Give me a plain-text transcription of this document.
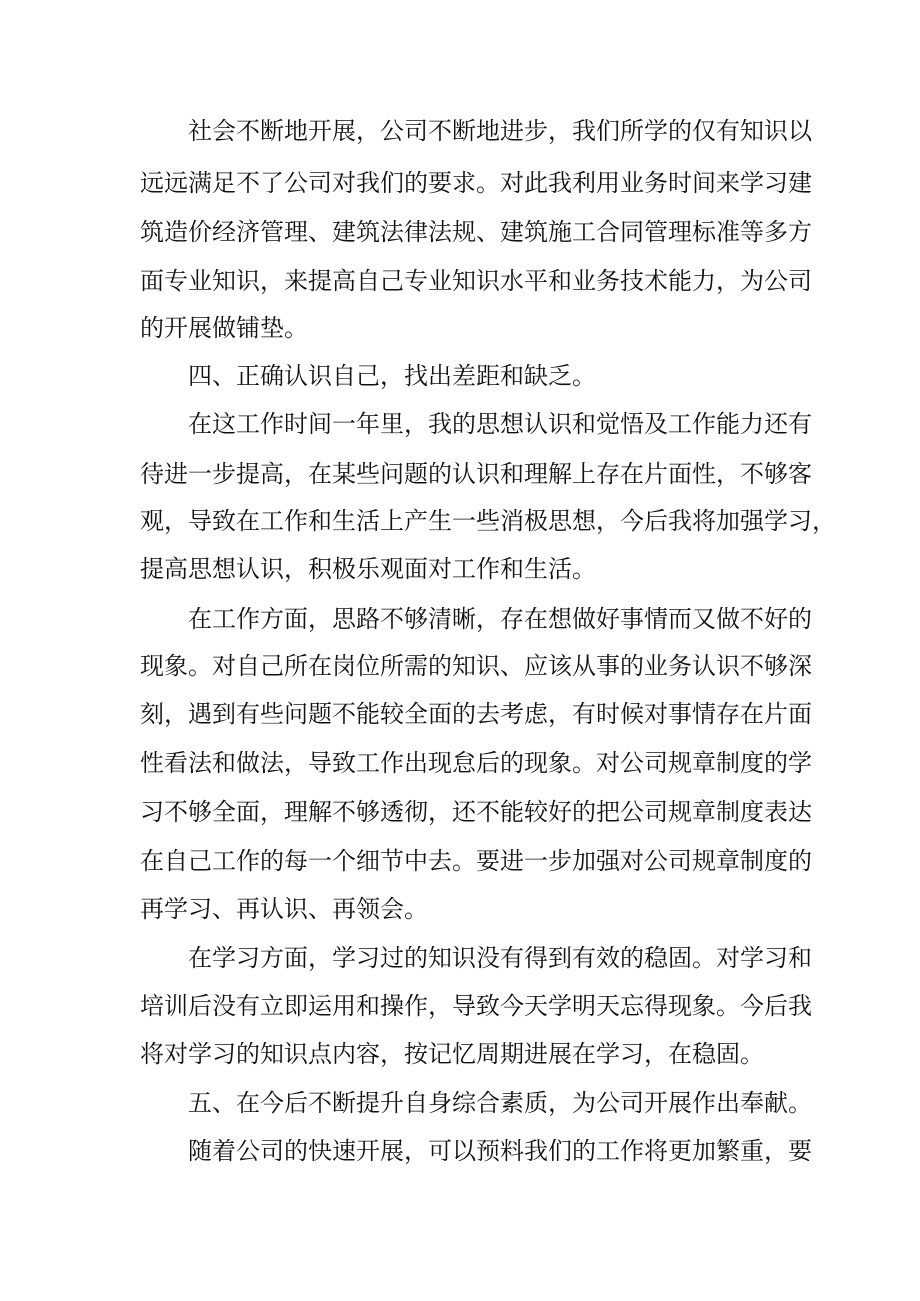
社会不断地开展，公司不断地进步，我们所学的仅有知识以
远远满足不了公司对我们的要求。对此我利用业务时间来学习建
筑造价经济管理、建筑法律法规、建筑施工合同管理标准等多方
面专业知识，来提高自己专业知识水平和业务技术能力，为公司
的开展做铺垫。
四、正确认识自己，找出差距和缺乏。
在这工作时间一年里，我的思想认识和觉悟及工作能力还有
待进一步提高，在某些问题的认识和理解上存在片面性，不够客
观，导致在工作和生活上产生一些消极思想，今后我将加强学习，
提高思想认识，积极乐观面对工作和生活。
在工作方面，思路不够清晰，存在想做好事情而又做不好的
现象。对自己所在岗位所需的知识、应该从事的业务认识不够深
刻，遇到有些问题不能较全面的去考虑，有时候对事情存在片面
性看法和做法，导致工作出现怠后的现象。对公司规章制度的学
习不够全面，理解不够透彻，还不能较好的把公司规章制度表达
在自己工作的每一个细节中去。要进一步加强对公司规章制度的
再学习、再认识、再领会。
在学习方面，学习过的知识没有得到有效的稳固。对学习和
培训后没有立即运用和操作，导致今天学明天忘得现象。今后我
将对学习的知识点内容，按记忆周期进展在学习，在稳固。
五、在今后不断提升自身综合素质，为公司开展作出奉献。
随着公司的快速开展，可以预料我们的工作将更加繁重，要
